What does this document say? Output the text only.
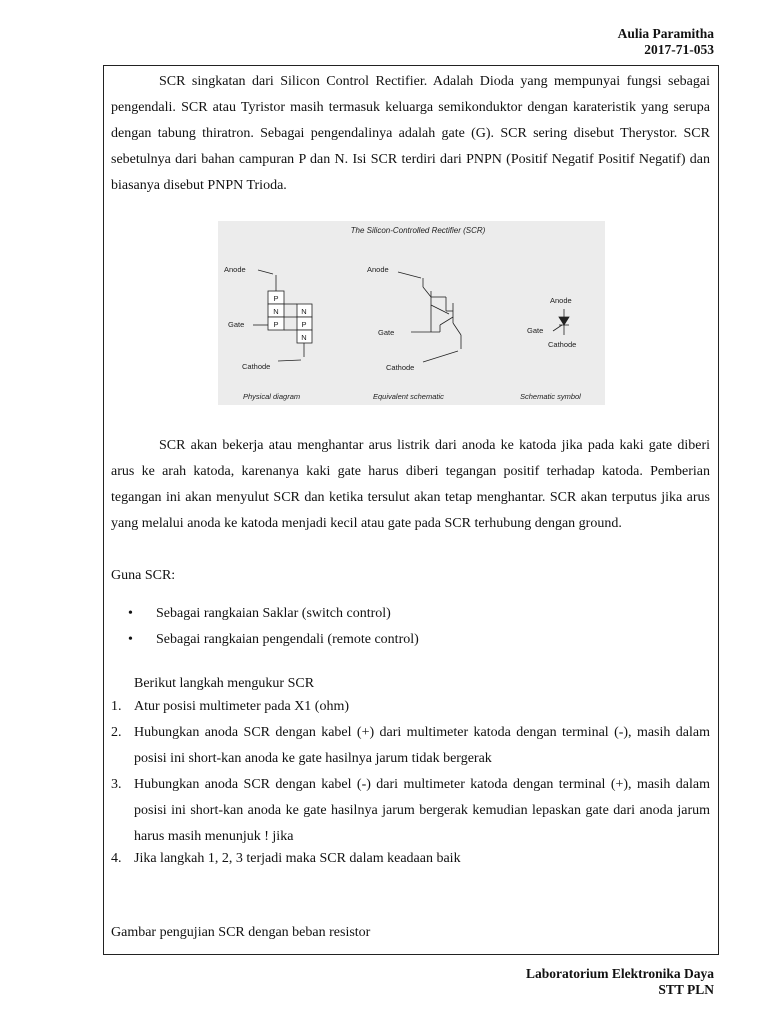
Aulia Paramitha
2017-71-053
SCR singkatan dari Silicon Control Rectifier. Adalah Dioda yang mempunyai fungsi sebagai pengendali. SCR atau Tyristor masih termasuk keluarga semikonduktor dengan karateristik yang serupa dengan tabung thiratron. Sebagai pengendalinya adalah gate (G). SCR sering disebut Therystor. SCR sebetulnya dari bahan campuran P dan N. Isi SCR terdiri dari PNPN (Positif Negatif Positif Negatif) dan biasanya disebut PNPN Trioda.
The Silicon-Controlled Rectifier (SCR)
P
N
P
N
P
N
Anode
Gate
Cathode
Physical diagram
Anode
Gate
Cathode
Equivalent schematic
Anode
Gate
Cathode
Schematic symbol
SCR akan bekerja atau menghantar arus listrik dari anoda ke katoda jika pada kaki gate diberi arus ke arah katoda, karenanya kaki gate harus diberi tegangan positif terhadap katoda. Pemberian tegangan ini akan menyulut SCR dan ketika tersulut akan tetap menghantar. SCR akan terputus jika arus yang melalui anoda ke katoda menjadi kecil atau gate pada SCR terhubung dengan ground.
Guna SCR:
•	Sebagai rangkaian Saklar (switch control)
•	Sebagai rangkaian pengendali (remote control)
Berikut langkah mengukur SCR
1. Atur posisi multimeter pada X1 (ohm)
2. Hubungkan anoda SCR dengan kabel (+) dari multimeter katoda dengan terminal (-), masih dalam posisi ini short-kan anoda ke gate hasilnya jarum tidak bergerak
3. Hubungkan anoda SCR dengan kabel (-) dari multimeter katoda dengan terminal (+), masih dalam posisi ini short-kan anoda ke gate hasilnya jarum bergerak kemudian lepaskan gate dari anoda jarum harus masih menunjuk ! jika
4. Jika langkah 1, 2, 3 terjadi maka SCR dalam keadaan baik
Gambar pengujian SCR dengan beban resistor
Laboratorium Elektronika Daya
STT PLN
